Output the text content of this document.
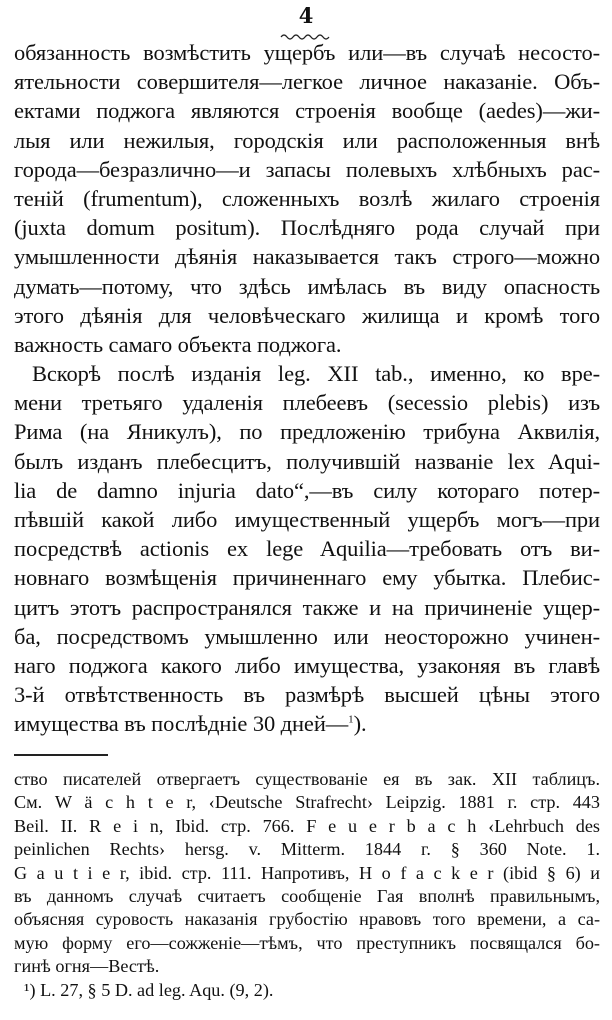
4
обязанность возмѣстить ущербъ или—въ случаѣ несосто-
ятельности совершителя—легкое личное наказаніе. Объ-
ектами поджога являются строенія вообще (aedes)—жи-
лыя или нежилыя, городскія или расположенныя внѣ
города—безразлично—и запасы полевыхъ хлѣбныхъ рас-
теній (frumentum), сложенныхъ возлѣ жилаго строенія
(juxta domum positum). Послѣдняго рода случай при
умышленности дѣянія наказывается такъ строго—можно
думать—потому, что здѣсь имѣлась въ виду опасность
этого дѣянія для человѣческаго жилища и кромѣ того
важность самаго объекта поджога.
Вскорѣ послѣ изданія leg. XII tab., именно, ко вре-
мени третьяго удаленія плебеевъ (secessio plebis) изъ
Рима (на Яникулъ), по предложенію трибуна Аквилія,
былъ изданъ плебесцитъ, получившій названіе lex Aqui-
lia de damno injuria dato“,—въ силу котораго потер-
пѣвшій какой либо имущественный ущербъ могъ—при
посредствѣ actionis ex lege Aquilia—требовать отъ ви-
новнаго возмѣщенія причиненнаго ему убытка. Плебис-
цитъ этотъ распространялся также и на причиненіе ущер-
ба, посредствомъ умышленно или неосторожно учинен-
наго поджога какого либо имущества, узаконяя въ главѣ
3-й отвѣтственность въ размѣрѣ высшей цѣны этого
имущества въ послѣдніе 30 дней—$^1$).
ство писателей отвергаетъ существованіе ея въ зак. XII таблицъ.
См. W ä c h t e r, ‹Deutsche Strafrecht› Leipzig. 1881 г. стр. 443
Beil. II. R e i n, Ibid. стр. 766. F e u e r b a c h ‹Lehrbuch des
peinlichen Rechts› hersg. v. Mitterm. 1844 г. § 360 Note. 1.
G a u t i e r, ibid. стр. 111. Напротивъ, H o f a c k e r (ibid § 6) и
въ данномъ случаѣ считаетъ сообщеніе Гая вполнѣ правильнымъ,
объясняя суровость наказанія грубостію нравовъ того времени, а са-
мую форму его—сожженіе—тѣмъ, что преступникъ посвящался бо-
гинѣ огня—Вестѣ.
¹) L. 27, § 5 D. ad leg. Aqu. (9, 2).
